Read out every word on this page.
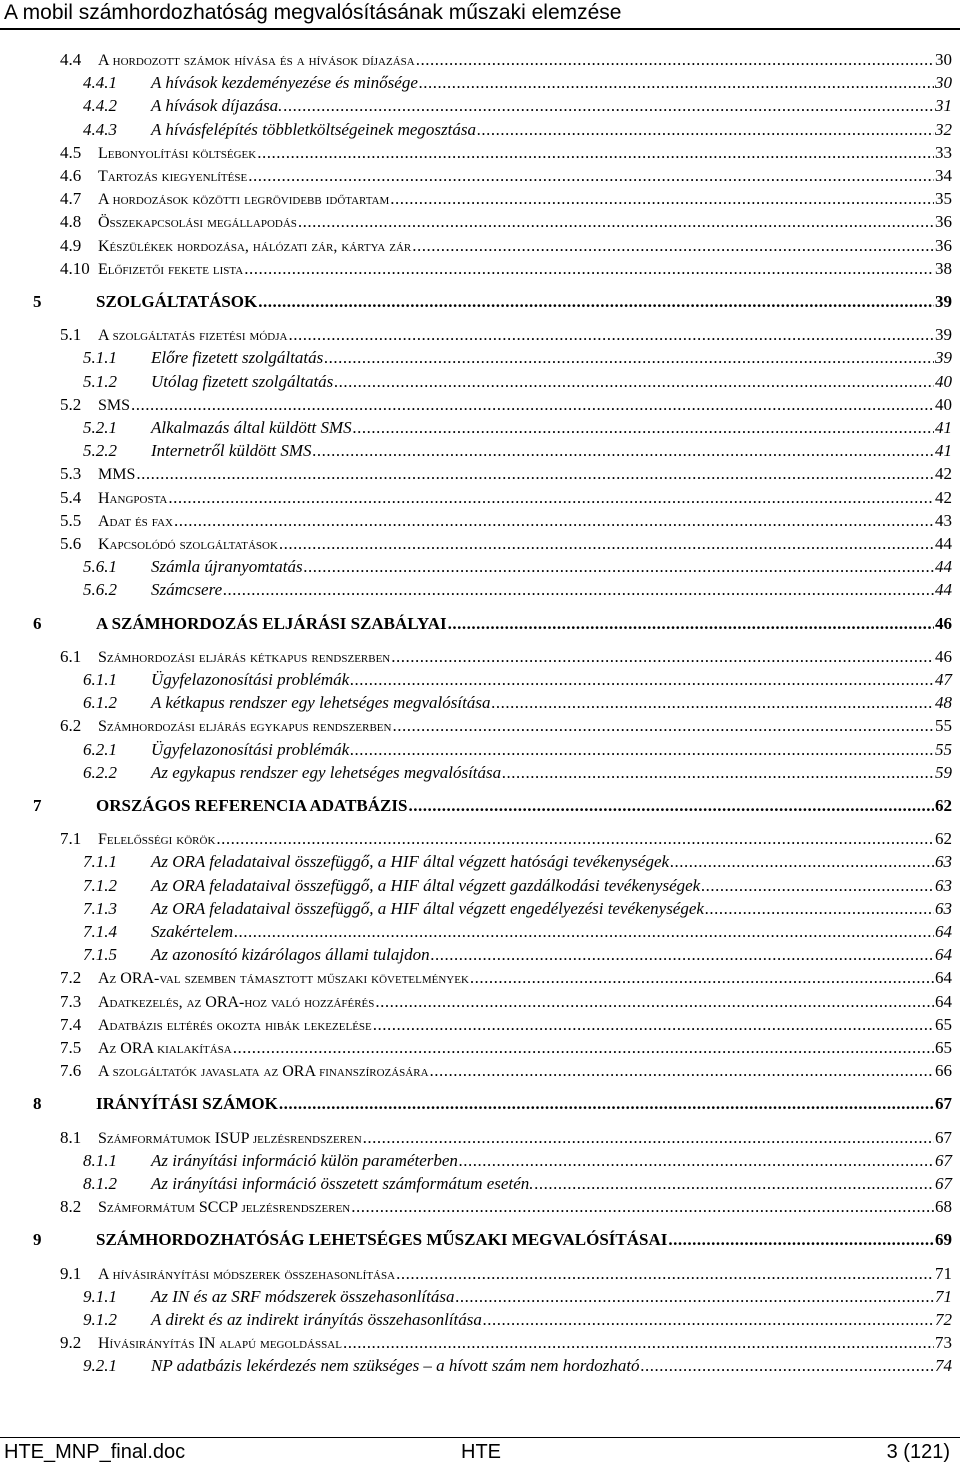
A mobil számhordozhatóság megvalósításának műszaki elemzése
4.4	A hordozott számok hívása és a hívások díjazása .....	30
4.4.1	A hívások kezdeményezése és minősége .....	30
4.4.2	A hívások díjazása. .....	31
4.4.3	A hívásfelépítés többletköltségeinek megosztása .....	32
4.5	Lebonyolítási költségek .....	33
4.6	Tartozás kiegyenlítése .....	34
4.7	A hordozások közötti legrövidebb időtartam .....	35
4.8	Összekapcsolási megállapodás .....	36
4.9	Készülékek hordozása, hálózati zár, kártya zár .....	36
4.10 Előfizetői fekete lista .....	38
5	SZOLGÁLTATÁSOK .....	39
5.1	A szolgáltatás fizetési módja .....	39
5.1.1	Előre fizetett szolgáltatás .....	39
5.1.2	Utólag fizetett szolgáltatás .....	40
5.2	SMS .....	40
5.2.1	Alkalmazás által küldött SMS .....	41
5.2.2	Internetről küldött SMS .....	41
5.3	MMS .....	42
5.4	Hangposta .....	42
5.5	Adat és fax .....	43
5.6	Kapcsolódó szolgáltatások .....	44
5.6.1	Számla újranyomtatás .....	44
5.6.2	Számcsere .....	44
6	A SZÁMHORDOZÁS ELJÁRÁSI SZABÁLYAI .....	46
6.1	Számhordozási eljárás kétkapus rendszerben .....	46
6.1.1	Ügyfelazonosítási problémák .....	47
6.1.2	A kétkapus rendszer egy lehetséges megvalósítása .....	48
6.2	Számhordozási eljárás egykapus rendszerben .....	55
6.2.1	Ügyfelazonosítási problémák .....	55
6.2.2	Az egykapus rendszer egy lehetséges megvalósítása .....	59
7	ORSZÁGOS REFERENCIA ADATBÁZIS .....	62
7.1	Felelősségi körök .....	62
7.1.1	Az ORA feladataival összefüggő, a HIF által végzett hatósági tevékenységek .....	63
7.1.2	Az ORA feladataival összefüggő, a HIF által végzett gazdálkodási tevékenységek .....	63
7.1.3	Az ORA feladataival összefüggő, a HIF által végzett engedélyezési tevékenységek .....	63
7.1.4	Szakértelem .....	64
7.1.5	Az azonosító kizárólagos állami tulajdon .....	64
7.2	Az ORA-val szemben támasztott műszaki követelmények .....	64
7.3	Adatkezelés, az ORA-hoz való hozzáférés .....	64
7.4	Adatbázis eltérés okozta hibák lekezelése .....	65
7.5	Az ORA kialakítása .....	65
7.6	A szolgáltatók javaslata az ORA finanszírozására .....	66
8	IRÁNYÍTÁSI SZÁMOK .....	67
8.1	Számformátumok ISUP jelzésrendszeren .....	67
8.1.1	Az irányítási információ külön paraméterben .....	67
8.1.2	Az irányítási információ összetett számformátum esetén. .....	67
8.2	Számformátum SCCP jelzésrendszeren .....	68
9	SZÁMHORDOZHATÓSÁG LEHETSÉGES MŰSZAKI MEGVALÓSÍTÁSAI .....	69
9.1	A hívásirányítási módszerek összehasonlítása .....	71
9.1.1	Az IN és az SRF módszerek összehasonlítása .....	71
9.1.2	A direkt és az indirekt irányítás összehasonlítása .....	72
9.2	Hívásirányítás IN alapú megoldással .....	73
9.2.1	NP adatbázis lekérdezés nem szükséges – a hívott szám nem hordozható .....	74
HTE_MNP_final.doc	HTE	3 (121)
